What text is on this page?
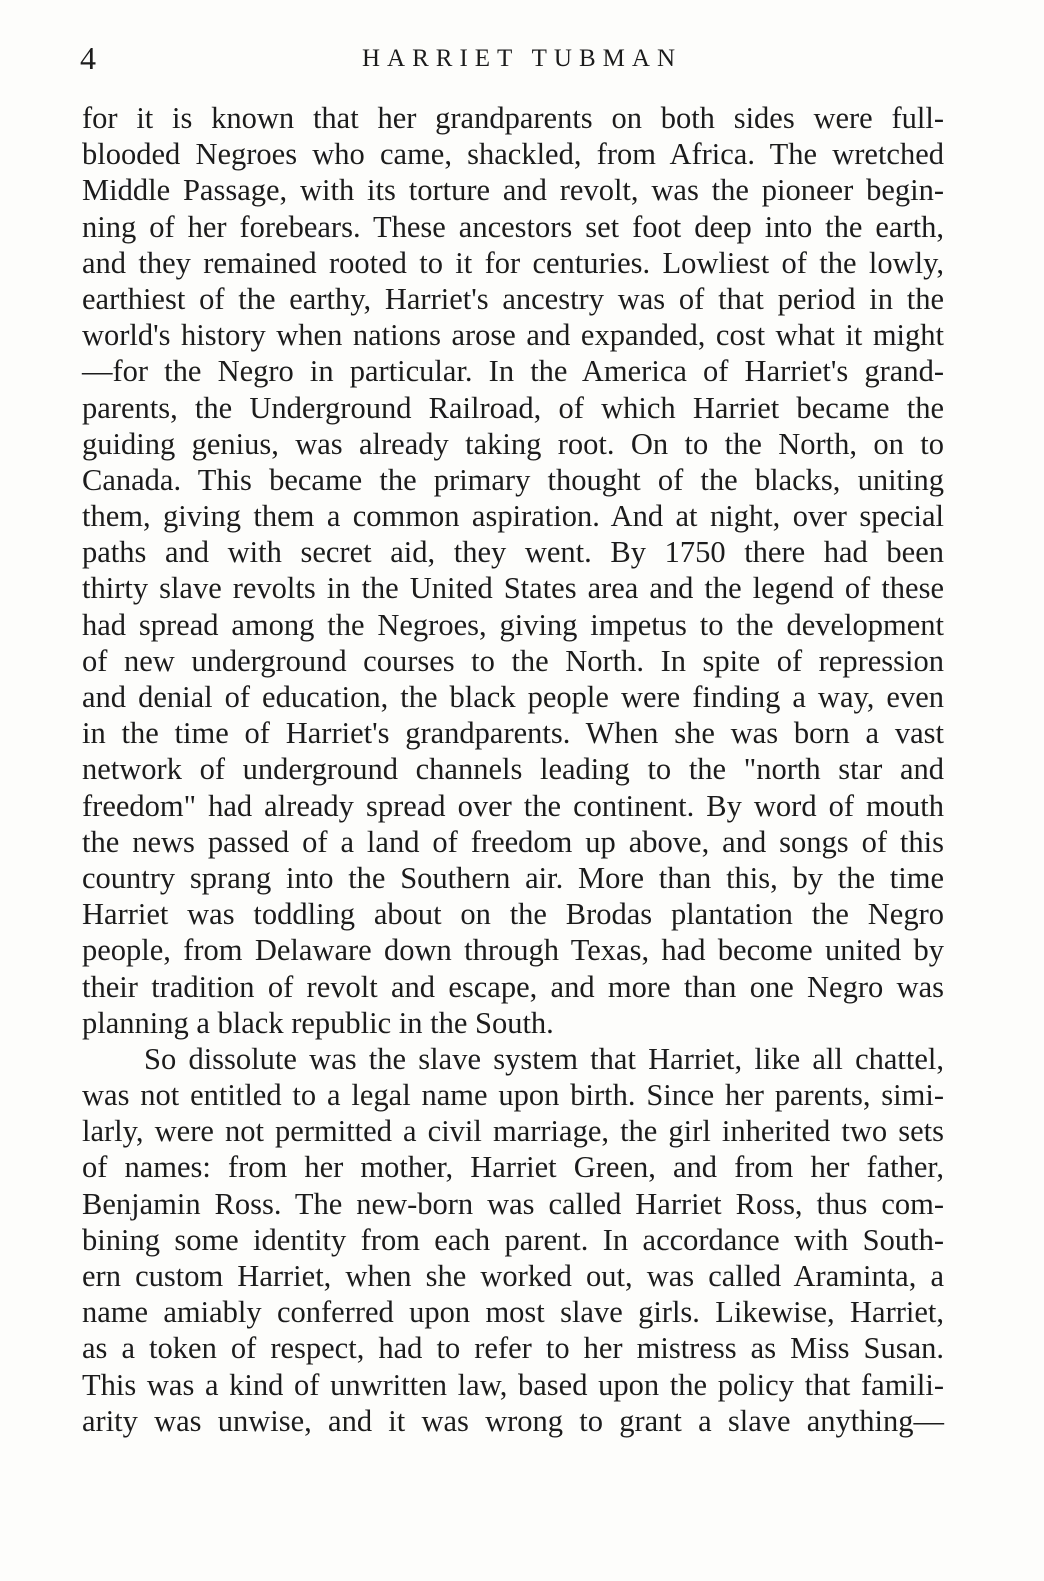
4	HARRIET TUBMAN
for it is known that her grandparents on both sides were full-
blooded Negroes who came, shackled, from Africa. The wretched
Middle Passage, with its torture and revolt, was the pioneer begin-
ning of her forebears. These ancestors set foot deep into the earth,
and they remained rooted to it for centuries. Lowliest of the lowly,
earthiest of the earthy, Harriet's ancestry was of that period in the
world's history when nations arose and expanded, cost what it might
—for the Negro in particular. In the America of Harriet's grand-
parents, the Underground Railroad, of which Harriet became the
guiding genius, was already taking root. On to the North, on to
Canada. This became the primary thought of the blacks, uniting
them, giving them a common aspiration. And at night, over special
paths and with secret aid, they went. By 1750 there had been
thirty slave revolts in the United States area and the legend of these
had spread among the Negroes, giving impetus to the development
of new underground courses to the North. In spite of repression
and denial of education, the black people were finding a way, even
in the time of Harriet's grandparents. When she was born a vast
network of underground channels leading to the "north star and
freedom" had already spread over the continent. By word of mouth
the news passed of a land of freedom up above, and songs of this
country sprang into the Southern air. More than this, by the time
Harriet was toddling about on the Brodas plantation the Negro
people, from Delaware down through Texas, had become united by
their tradition of revolt and escape, and more than one Negro was
planning a black republic in the South.
So dissolute was the slave system that Harriet, like all chattel,
was not entitled to a legal name upon birth. Since her parents, simi-
larly, were not permitted a civil marriage, the girl inherited two sets
of names: from her mother, Harriet Green, and from her father,
Benjamin Ross. The new-born was called Harriet Ross, thus com-
bining some identity from each parent. In accordance with South-
ern custom Harriet, when she worked out, was called Araminta, a
name amiably conferred upon most slave girls. Likewise, Harriet,
as a token of respect, had to refer to her mistress as Miss Susan.
This was a kind of unwritten law, based upon the policy that famili-
arity was unwise, and it was wrong to grant a slave anything—
